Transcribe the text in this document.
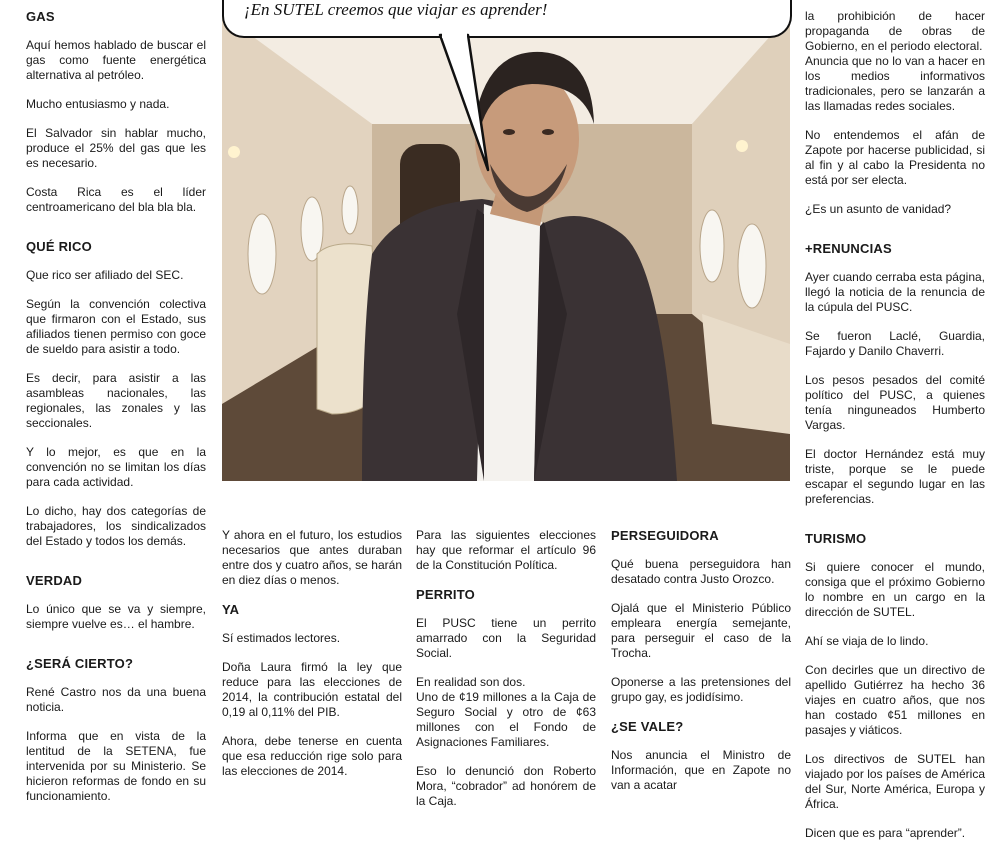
GAS

Aquí hemos hablado de buscar el gas como fuente energética alternativa al petróleo.

Mucho entusiasmo y nada.

El Salvador sin hablar mucho, produce el 25% del gas que les es necesario.

Costa Rica es el líder centroamericano del bla bla bla.

QUÉ RICO

Que rico ser afiliado del SEC.

Según la convención colectiva que firmaron con el Estado, sus afiliados tienen permiso con goce de sueldo para asistir a todo.

Es decir, para asistir a las asambleas nacionales, las regionales, las zonales y las seccionales.

Y lo mejor, es que en la convención no se limitan los días para cada actividad.

Lo dicho, hay dos categorías de trabajadores, los sindicalizados del Estado y todos los demás.

VERDAD

Lo único que se va y siempre, siempre vuelve es… el hambre.

¿SERÁ CIERTO?

René Castro nos da una buena noticia.

Informa que en vista de la lentitud de la SETENA, fue intervenida por su Ministerio. Se hicieron reformas de fondo en su funcionamiento.

¡En SUTEL creemos que viajar es aprender!

Y ahora en el futuro, los estudios necesarios que antes duraban entre dos y cuatro años, se harán en diez días o menos.

YA

Sí estimados lectores.

Doña Laura firmó la ley que reduce para las elecciones de 2014, la contribución estatal del 0,19 al 0,11% del PIB.

Ahora, debe tenerse en cuenta que esa reducción rige solo para las elecciones de 2014.

Para las siguientes elecciones hay que reformar el artículo 96 de la Constitución Política.

PERRITO

El PUSC tiene un perrito amarrado con la Seguridad Social.

En realidad son dos.

Uno de ¢19 millones a la Caja de Seguro Social y otro de ¢63 millones con el Fondo de Asignaciones Familiares.

Eso lo denunció don Roberto Mora, “cobrador” ad honórem de la Caja.

PERSEGUIDORA

Qué buena perseguidora han desatado contra Justo Orozco.

Ojalá que el Ministerio Público empleara energía semejante, para perseguir el caso de la Trocha.

Oponerse a las pretensiones del grupo gay, es jodidísimo.

¿SE VALE?

Nos anuncia el Ministro de Información, que en Zapote no van a acatar

la prohibición de hacer propaganda de obras de Gobierno, en el periodo electoral.

Anuncia que no lo van a hacer en los medios informativos tradicionales, pero se lanzarán a las llamadas redes sociales.

No entendemos el afán de Zapote por hacerse publicidad, si al fin y al cabo la Presidenta no está por ser electa.

¿Es un asunto de vanidad?

+RENUNCIAS

Ayer cuando cerraba esta página, llegó la noticia de la renuncia de la cúpula del PUSC.

Se fueron Laclé, Guardia, Fajardo y Danilo Chaverri.

Los pesos pesados del comité político del PUSC, a quienes tenía ninguneados Humberto Vargas.

El doctor Hernández está muy triste, porque se le puede escapar el segundo lugar en las preferencias.

TURISMO

Si quiere conocer el mundo, consiga que el próximo Gobierno lo nombre en un cargo en la dirección de SUTEL.

Ahí se viaja de lo lindo.

Con decirles que un directivo de apellido Gutiérrez ha hecho 36 viajes en cuatro años, que nos han costado ¢51 millones en pasajes y viáticos.

Los directivos de SUTEL han viajado por los países de América del Sur, Norte América, Europa y África.

Dicen que es para “aprender”.
